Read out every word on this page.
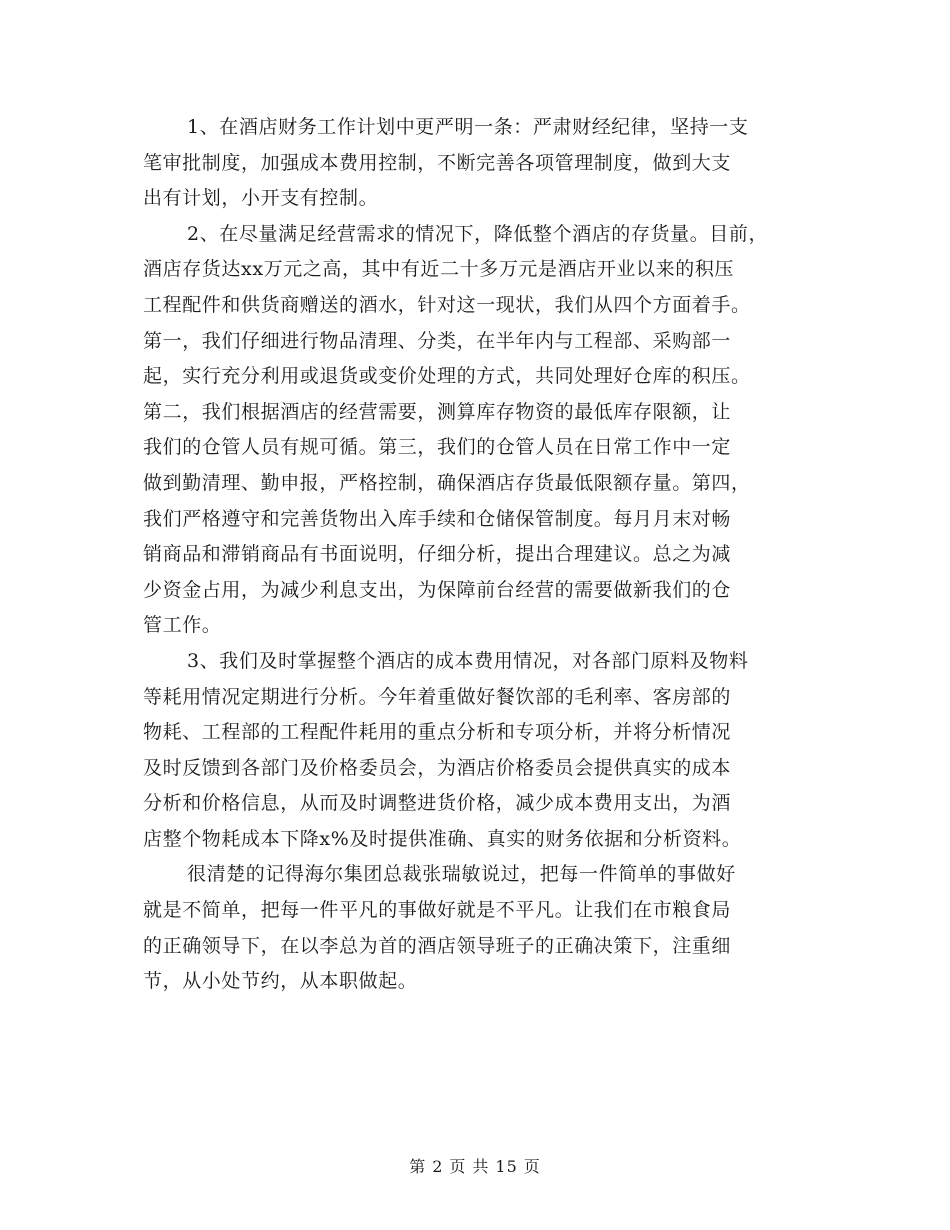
1、在酒店财务工作计划中更严明一条：严肃财经纪律，坚持一支
笔审批制度，加强成本费用控制，不断完善各项管理制度，做到大支
出有计划，小开支有控制。
2、在尽量满足经营需求的情况下，降低整个酒店的存货量。目前，
酒店存货达xx万元之高，其中有近二十多万元是酒店开业以来的积压
工程配件和供货商赠送的酒水，针对这一现状，我们从四个方面着手。
第一，我们仔细进行物品清理、分类，在半年内与工程部、采购部一
起，实行充分利用或退货或变价处理的方式，共同处理好仓库的积压。
第二，我们根据酒店的经营需要，测算库存物资的最低库存限额，让
我们的仓管人员有规可循。第三，我们的仓管人员在日常工作中一定
做到勤清理、勤申报，严格控制，确保酒店存货最低限额存量。第四，
我们严格遵守和完善货物出入库手续和仓储保管制度。每月月末对畅
销商品和滞销商品有书面说明，仔细分析，提出合理建议。总之为减
少资金占用，为减少利息支出，为保障前台经营的需要做新我们的仓
管工作。
3、我们及时掌握整个酒店的成本费用情况，对各部门原料及物料
等耗用情况定期进行分析。今年着重做好餐饮部的毛利率、客房部的
物耗、工程部的工程配件耗用的重点分析和专项分析，并将分析情况
及时反馈到各部门及价格委员会，为酒店价格委员会提供真实的成本
分析和价格信息，从而及时调整进货价格，减少成本费用支出，为酒
店整个物耗成本下降x%及时提供准确、真实的财务依据和分析资料。
很清楚的记得海尔集团总裁张瑞敏说过，把每一件简单的事做好
就是不简单，把每一件平凡的事做好就是不平凡。让我们在市粮食局
的正确领导下，在以李总为首的酒店领导班子的正确决策下，注重细
节，从小处节约，从本职做起。
第 2 页 共 15 页
